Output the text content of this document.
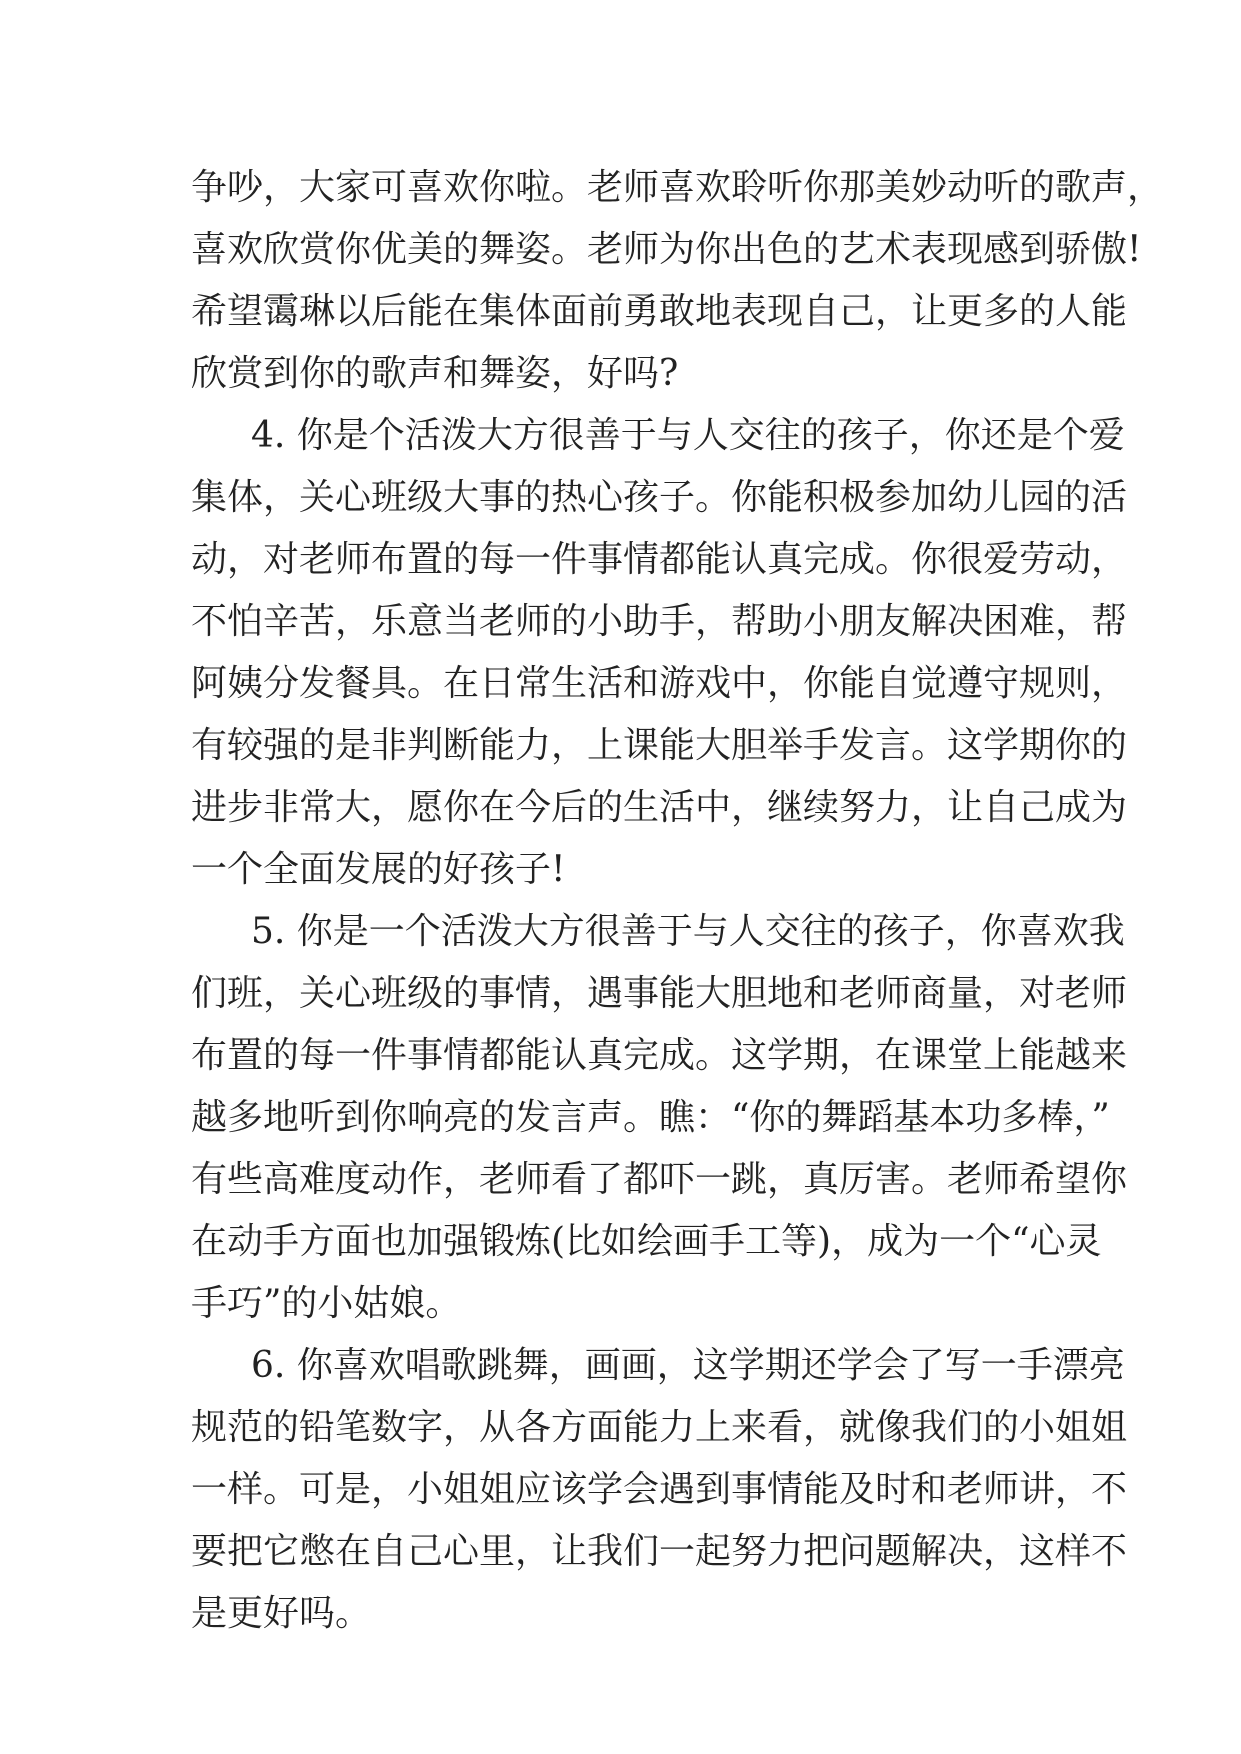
争吵，大家可喜欢你啦。老师喜欢聆听你那美妙动听的歌声，
喜欢欣赏你优美的舞姿。老师为你出色的艺术表现感到骄傲!
希望霭琳以后能在集体面前勇敢地表现自己，让更多的人能
欣赏到你的歌声和舞姿，好吗?
4. 你是个活泼大方很善于与人交往的孩子，你还是个爱
集体，关心班级大事的热心孩子。你能积极参加幼儿园的活
动，对老师布置的每一件事情都能认真完成。你很爱劳动，
不怕辛苦，乐意当老师的小助手，帮助小朋友解决困难，帮
阿姨分发餐具。在日常生活和游戏中，你能自觉遵守规则，
有较强的是非判断能力，上课能大胆举手发言。这学期你的
进步非常大，愿你在今后的生活中，继续努力，让自己成为
一个全面发展的好孩子!
5. 你是一个活泼大方很善于与人交往的孩子，你喜欢我
们班，关心班级的事情，遇事能大胆地和老师商量，对老师
布置的每一件事情都能认真完成。这学期，在课堂上能越来
越多地听到你响亮的发言声。瞧：“你的舞蹈基本功多棒，”
有些高难度动作，老师看了都吓一跳，真厉害。老师希望你
在动手方面也加强锻炼(比如绘画手工等)，成为一个“心灵
手巧”的小姑娘。
6. 你喜欢唱歌跳舞，画画，这学期还学会了写一手漂亮
规范的铅笔数字，从各方面能力上来看，就像我们的小姐姐
一样。可是，小姐姐应该学会遇到事情能及时和老师讲，不
要把它憋在自己心里，让我们一起努力把问题解决，这样不
是更好吗。
